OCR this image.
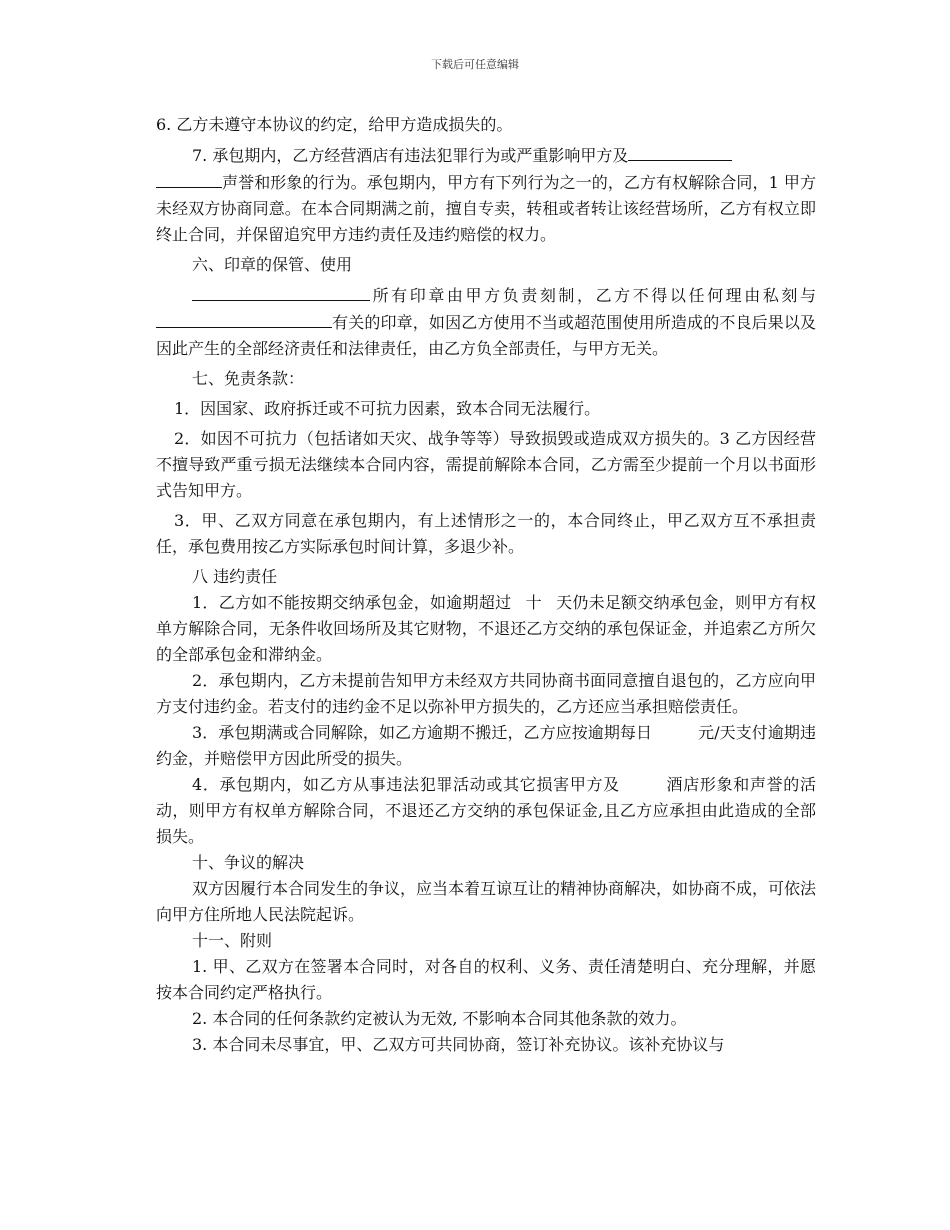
下载后可任意编辑

6. 乙方未遵守本协议的约定，给甲方造成损失的。

7. 承包期内，乙方经营酒店有违法犯罪行为或严重影响甲方及
声誉和形象的行为。承包期内，甲方有下列行为之一的，乙方有权解除合同，1 甲方未经双方协商同意。在本合同期满之前，擅自专卖，转租或者转让该经营场所，乙方有权立即终止合同，并保留追究甲方违约责任及违约赔偿的权力。

六、印章的保管、使用

所有印章由甲方负责刻制，乙方不得以任何理由私刻与有关的印章，如因乙方使用不当或超范围使用所造成的不良后果以及因此产生的全部经济责任和法律责任，由乙方负全部责任，与甲方无关。

七、免责条款：

1．因国家、政府拆迁或不可抗力因素，致本合同无法履行。

2．如因不可抗力（包括诸如天灾、战争等等）导致损毁或造成双方损失的。3 乙方因经营不擅导致严重亏损无法继续本合同内容，需提前解除本合同，乙方需至少提前一个月以书面形式告知甲方。

3．甲、乙双方同意在承包期内，有上述情形之一的，本合同终止，甲乙双方互不承担责任，承包费用按乙方实际承包时间计算，多退少补。

八 违约责任

1．乙方如不能按期交纳承包金，如逾期超过 十 天仍未足额交纳承包金，则甲方有权单方解除合同，无条件收回场所及其它财物，不退还乙方交纳的承包保证金，并追索乙方所欠的全部承包金和滞纳金。

2．承包期内，乙方未提前告知甲方未经双方共同协商书面同意擅自退包的，乙方应向甲方支付违约金。若支付的违约金不足以弥补甲方损失的，乙方还应当承担赔偿责任。

3．承包期满或合同解除，如乙方逾期不搬迁，乙方应按逾期每日	元/天支付逾期违约金，并赔偿甲方因此所受的损失。

4．承包期内，如乙方从事违法犯罪活动或其它损害甲方及	酒店形象和声誉的活动，则甲方有权单方解除合同，不退还乙方交纳的承包保证金,且乙方应承担由此造成的全部损失。

十、争议的解决

双方因履行本合同发生的争议，应当本着互谅互让的精神协商解决，如协商不成，可依法向甲方住所地人民法院起诉。

十一、附则

1. 甲、乙双方在签署本合同时，对各自的权利、义务、责任清楚明白、充分理解，并愿按本合同约定严格执行。

2. 本合同的任何条款约定被认为无效, 不影响本合同其他条款的效力。

3. 本合同未尽事宜，甲、乙双方可共同协商，签订补充协议。该补充协议与
